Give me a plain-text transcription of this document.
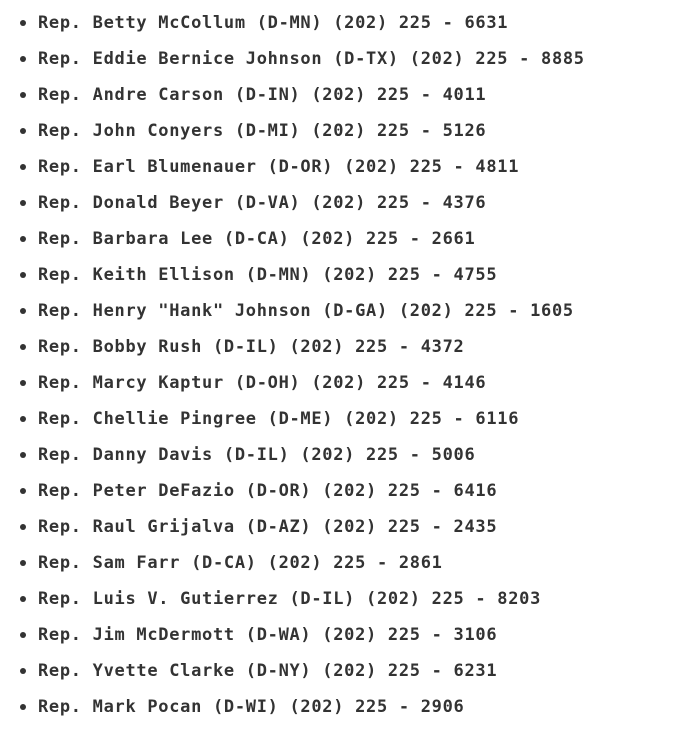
Rep. Betty McCollum (D-MN) (202) 225 - 6631
Rep. Eddie Bernice Johnson (D-TX) (202) 225 - 8885
Rep. Andre Carson (D-IN) (202) 225 - 4011
Rep. John Conyers (D-MI) (202) 225 - 5126
Rep. Earl Blumenauer (D-OR) (202) 225 - 4811
Rep. Donald Beyer (D-VA) (202) 225 - 4376
Rep. Barbara Lee (D-CA) (202) 225 - 2661
Rep. Keith Ellison (D-MN) (202) 225 - 4755
Rep. Henry "Hank" Johnson (D-GA) (202) 225 - 1605
Rep. Bobby Rush (D-IL) (202) 225 - 4372
Rep. Marcy Kaptur (D-OH) (202) 225 - 4146
Rep. Chellie Pingree (D-ME) (202) 225 - 6116
Rep. Danny Davis (D-IL) (202) 225 - 5006
Rep. Peter DeFazio (D-OR) (202) 225 - 6416
Rep. Raul Grijalva (D-AZ) (202) 225 - 2435
Rep. Sam Farr (D-CA) (202) 225 - 2861
Rep. Luis V. Gutierrez (D-IL) (202) 225 - 8203
Rep. Jim McDermott (D-WA) (202) 225 - 3106
Rep. Yvette Clarke (D-NY) (202) 225 - 6231
Rep. Mark Pocan (D-WI) (202) 225 - 2906
